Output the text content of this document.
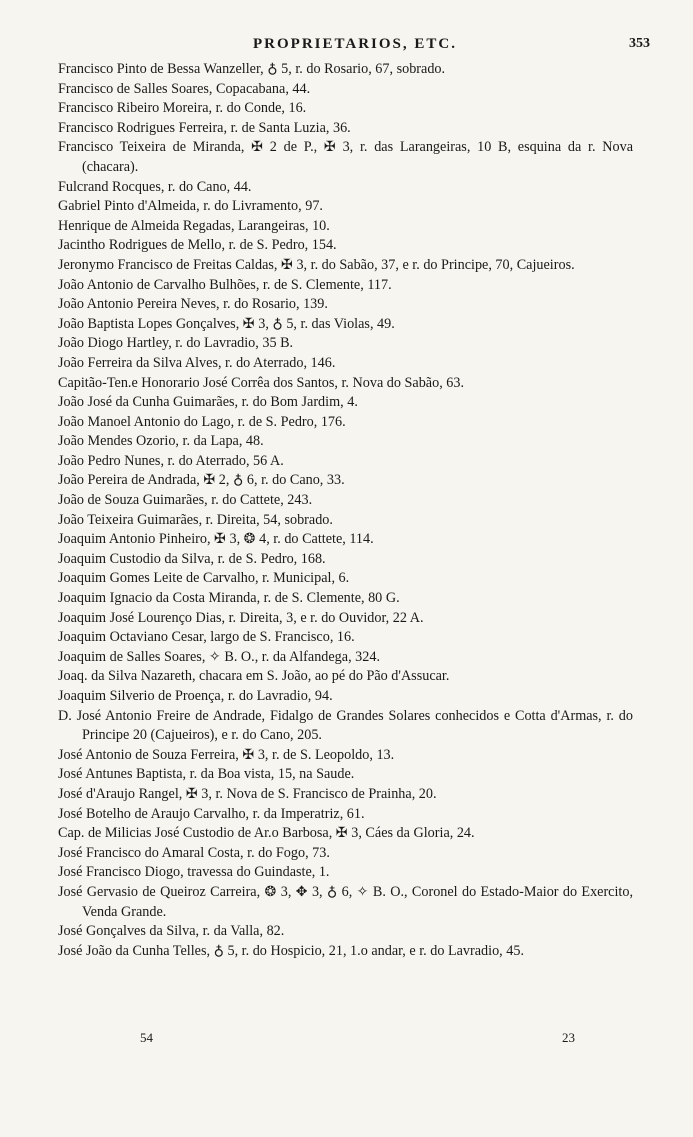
PROPRIETARIOS, ETC.	353

Francisco Pinto de Bessa Wanzeller, ♁ 5, r. do Rosario, 67, sobrado.

Francisco de Salles Soares, Copacabana, 44.

Francisco Ribeiro Moreira, r. do Conde, 16.

Francisco Rodrigues Ferreira, r. de Santa Luzia, 36.

Francisco Teixeira de Miranda, ✠ 2 de P., ✠ 3, r. das Larangeiras, 10 B, esquina da r. Nova (chacara).

Fulcrand Rocques, r. do Cano, 44.

Gabriel Pinto d'Almeida, r. do Livramento, 97.

Henrique de Almeida Regadas, Larangeiras, 10.

Jacintho Rodrigues de Mello, r. de S. Pedro, 154.

Jeronymo Francisco de Freitas Caldas, ✠ 3, r. do Sabão, 37, e r. do Principe, 70, Cajueiros.

João Antonio de Carvalho Bulhões, r. de S. Clemente, 117.

João Antonio Pereira Neves, r. do Rosario, 139.

João Baptista Lopes Gonçalves, ✠ 3, ♁ 5, r. das Violas, 49.

João Diogo Hartley, r. do Lavradio, 35 B.

João Ferreira da Silva Alves, r. do Aterrado, 146.

Capitão-Ten.e Honorario José Corrêa dos Santos, r. Nova do Sabão, 63.

João José da Cunha Guimarães, r. do Bom Jardim, 4.

João Manoel Antonio do Lago, r. de S. Pedro, 176.

João Mendes Ozorio, r. da Lapa, 48.

João Pedro Nunes, r. do Aterrado, 56 A.

João Pereira de Andrada, ✠ 2, ♁ 6, r. do Cano, 33.

João de Souza Guimarães, r. do Cattete, 243.

João Teixeira Guimarães, r. Direita, 54, sobrado.

Joaquim Antonio Pinheiro, ✠ 3, ❂ 4, r. do Cattete, 114.

Joaquim Custodio da Silva, r. de S. Pedro, 168.

Joaquim Gomes Leite de Carvalho, r. Municipal, 6.

Joaquim Ignacio da Costa Miranda, r. de S. Clemente, 80 G.

Joaquim José Lourenço Dias, r. Direita, 3, e r. do Ouvidor, 22 A.

Joaquim Octaviano Cesar, largo de S. Francisco, 16.

Joaquim de Salles Soares, ✧ B. O., r. da Alfandega, 324.

Joaq. da Silva Nazareth, chacara em S. João, ao pé do Pão d'Assucar.

Joaquim Silverio de Proença, r. do Lavradio, 94.

D. José Antonio Freire de Andrade, Fidalgo de Grandes Solares conhecidos e Cotta d'Armas, r. do Principe 20 (Cajueiros), e r. do Cano, 205.

José Antonio de Souza Ferreira, ✠ 3, r. de S. Leopoldo, 13.

José Antunes Baptista, r. da Boa vista, 15, na Saude.

José d'Araujo Rangel, ✠ 3, r. Nova de S. Francisco de Prainha, 20.

José Botelho de Araujo Carvalho, r. da Imperatriz, 61.

Cap. de Milicias José Custodio de Ar.o Barbosa, ✠ 3, Cáes da Gloria, 24.

José Francisco do Amaral Costa, r. do Fogo, 73.

José Francisco Diogo, travessa do Guindaste, 1.

José Gervasio de Queiroz Carreira, ❂ 3, ✥ 3, ♁ 6, ✧ B. O., Coronel do Estado-Maior do Exercito, Venda Grande.

José Gonçalves da Silva, r. da Valla, 82.

José João da Cunha Telles, ♁ 5, r. do Hospicio, 21, 1.o andar, e r. do Lavradio, 45.

54	23
